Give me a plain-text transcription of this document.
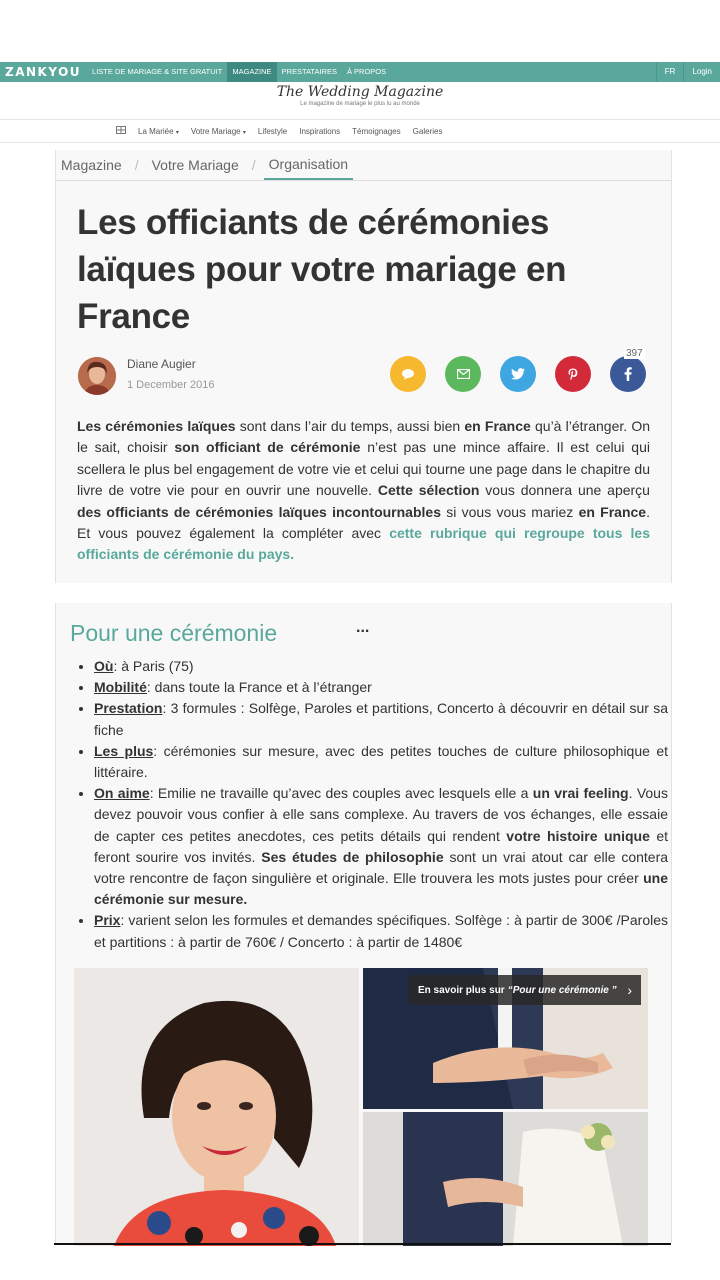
ZANKYOU	LISTE DE MARIAGE & SITE GRATUIT	MAGAZINE	PRESTATAIRES	À PROPOS	FR	Login
The Wedding Magazine
Le magazine de mariage le plus lu au monde
La Mariée ▾ Votre Mariage ▾ Lifestyle Inspirations Témoignages Galeries
Magazine / Votre Mariage / Organisation
Les officiants de cérémonies laïques pour votre mariage en France
Diane Augier
1 December 2016
397
Les cérémonies laïques sont dans l’air du temps, aussi bien en France qu’à l’étranger. On le sait, choisir son officiant de cérémonie n’est pas une mince affaire. Il est celui qui scellera le plus bel engagement de votre vie et celui qui tourne une page dans le chapitre du livre de votre vie pour en ouvrir une nouvelle. Cette sélection vous donnera une aperçu des officiants de cérémonies laïques incontournables si vous vous mariez en France. Et vous pouvez également la compléter avec cette rubrique qui regroupe tous les officiants de cérémonie du pays.
Pour une cérémonie	...
• Où: à Paris (75)
• Mobilité: dans toute la France et à l’étranger
• Prestation: 3 formules : Solfège, Paroles et partitions, Concerto à découvrir en détail sur sa fiche
• Les plus: cérémonies sur mesure, avec des petites touches de culture philosophique et littéraire.
• On aime: Emilie ne travaille qu’avec des couples avec lesquels elle a un vrai feeling. Vous devez pouvoir vous confier à elle sans complexe. Au travers de vos échanges, elle essaie de capter ces petites anecdotes, ces petits détails qui rendent votre histoire unique et feront sourire vos invités. Ses études de philosophie sont un vrai atout car elle contera votre rencontre de façon singulière et originale. Elle trouvera les mots justes pour créer une cérémonie sur mesure.
• Prix: varient selon les formules et demandes spécifiques. Solfège : à partir de 300€ /Paroles et partitions : à partir de 760€ / Concerto : à partir de 1480€
En savoir plus sur “Pour une cérémonie ” ›
